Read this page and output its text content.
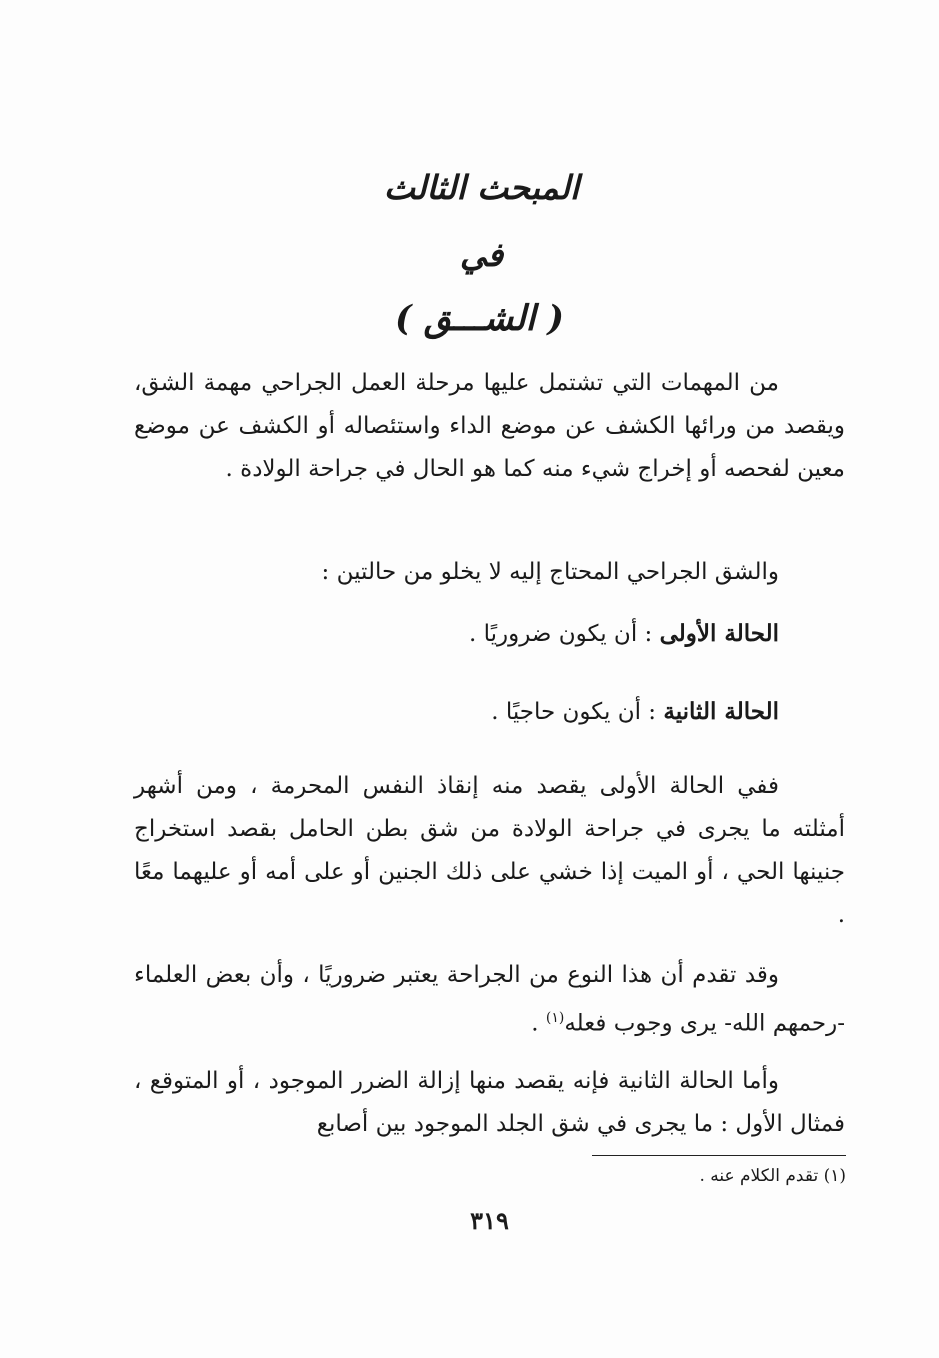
المبحث الثالث
في
( الشـــق )

من المهمات التي تشتمل عليها مرحلة العمل الجراحي مهمة الشق، ويقصد من ورائها الكشف عن موضع الداء واستئصاله أو الكشف عن موضع معين لفحصه أو إخراج شيء منه كما هو الحال في جراحة الولادة .

والشق الجراحي المحتاج إليه لا يخلو من حالتين :

الحالة الأولى : أن يكون ضروريًا .

الحالة الثانية : أن يكون حاجيًا .

ففي الحالة الأولى يقصد منه إنقاذ النفس المحرمة ، ومن أشهر أمثلته ما يجرى في جراحة الولادة من شق بطن الحامل بقصد استخراج جنينها الحي ، أو الميت إذا خشي على ذلك الجنين أو على أمه أو عليهما معًا .

وقد تقدم أن هذا النوع من الجراحة يعتبر ضروريًا ، وأن بعض العلماء -رحمهم الله- يرى وجوب فعله$^{(١)}$ .

وأما الحالة الثانية فإنه يقصد منها إزالة الضرر الموجود ، أو المتوقع ، فمثال الأول : ما يجرى في شق الجلد الموجود بين أصابع

(١) تقدم الكلام عنه .
٣١٩
